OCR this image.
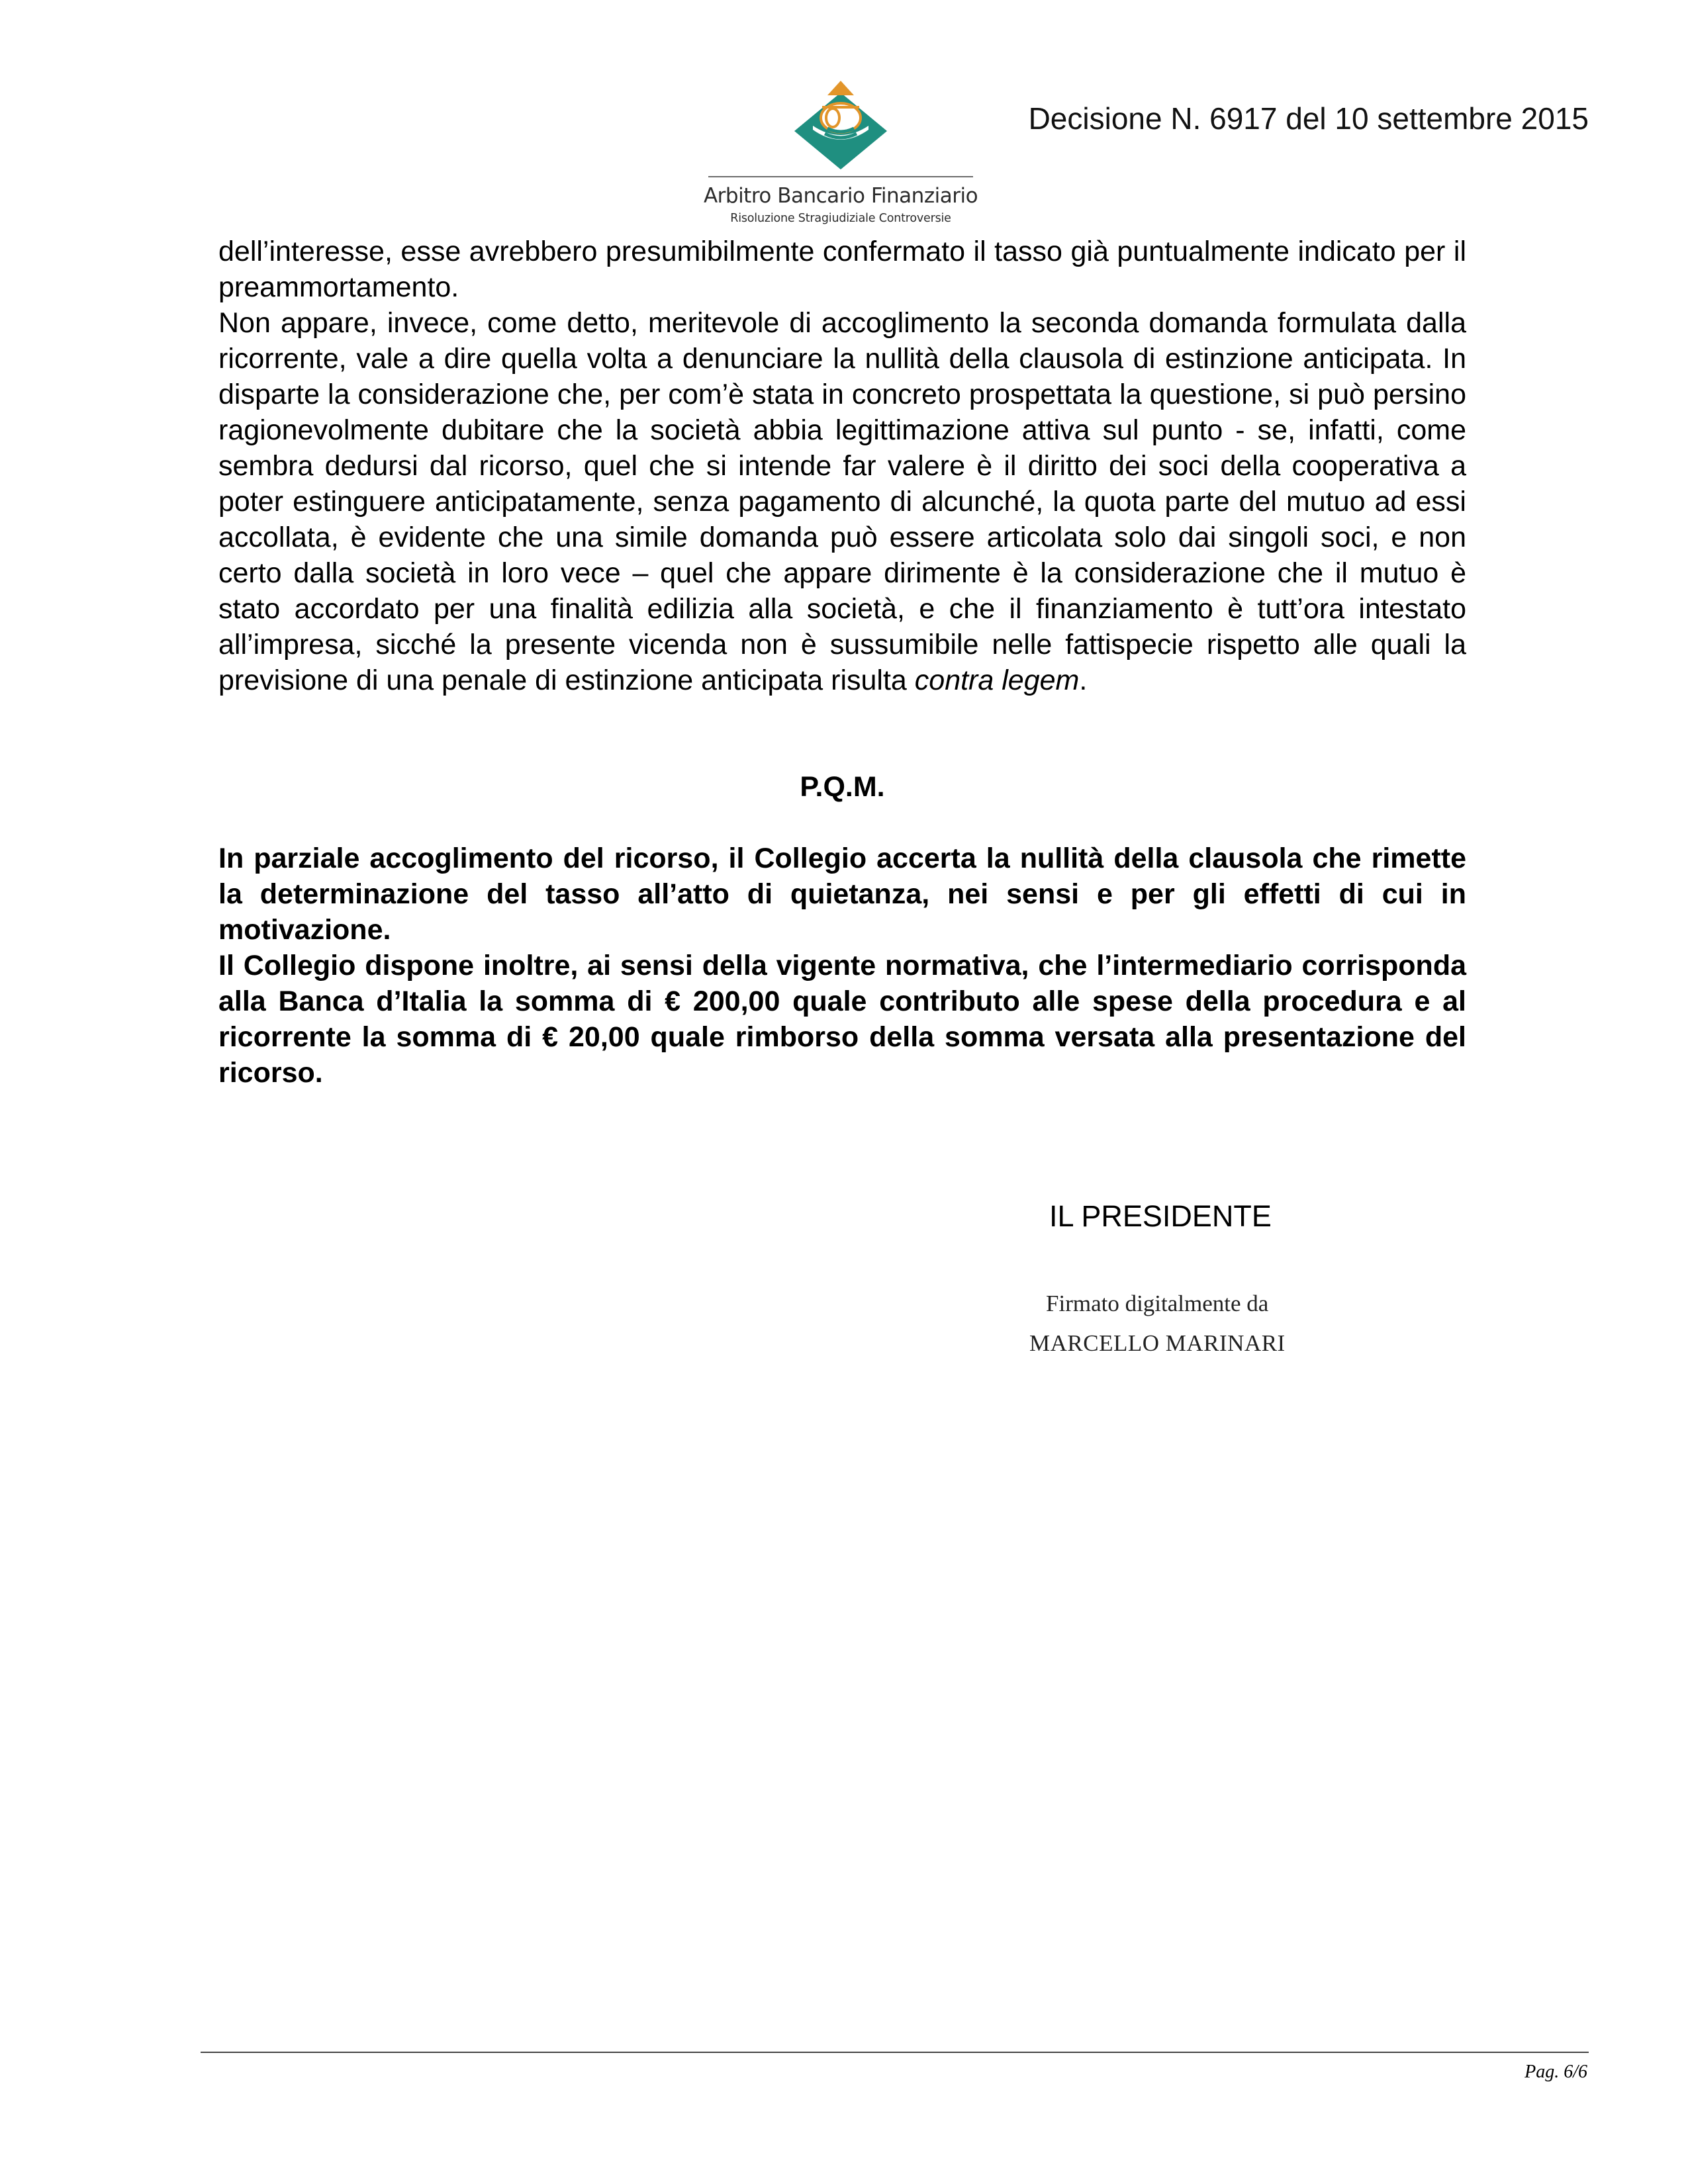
Arbitro Bancario Finanziario
Risoluzione Stragiudiziale Controversie
Decisione N. 6917 del 10 settembre 2015

dell’interesse, esse avrebbero presumibilmente confermato il tasso già puntualmente indicato per il preammortamento.

Non appare, invece, come detto, meritevole di accoglimento la seconda domanda formulata dalla ricorrente, vale a dire quella volta a denunciare la nullità della clausola di estinzione anticipata. In disparte la considerazione che, per com’è stata in concreto prospettata la questione, si può persino ragionevolmente dubitare che la società abbia legittimazione attiva sul punto - se, infatti, come sembra dedursi dal ricorso, quel che si intende far valere è il diritto dei soci della cooperativa a poter estinguere anticipatamente, senza pagamento di alcunché, la quota parte del mutuo ad essi accollata, è evidente che una simile domanda può essere articolata solo dai singoli soci, e non certo dalla società in loro vece – quel che appare dirimente è la considerazione che il mutuo è stato accordato per una finalità edilizia alla società, e che il finanziamento è tutt’ora intestato all’impresa, sicché la presente vicenda non è sussumibile nelle fattispecie rispetto alle quali la previsione di una penale di estinzione anticipata risulta contra legem.

P.Q.M.

In parziale accoglimento del ricorso, il Collegio accerta la nullità della clausola che rimette la determinazione del tasso all’atto di quietanza, nei sensi e per gli effetti di cui in motivazione.

Il Collegio dispone inoltre, ai sensi della vigente normativa, che l’intermediario corrisponda alla Banca d’Italia la somma di € 200,00 quale contributo alle spese della procedura e al ricorrente la somma di € 20,00 quale rimborso della somma versata alla presentazione del ricorso.

IL PRESIDENTE
Firmato digitalmente da
MARCELLO MARINARI
Pag. 6/6
